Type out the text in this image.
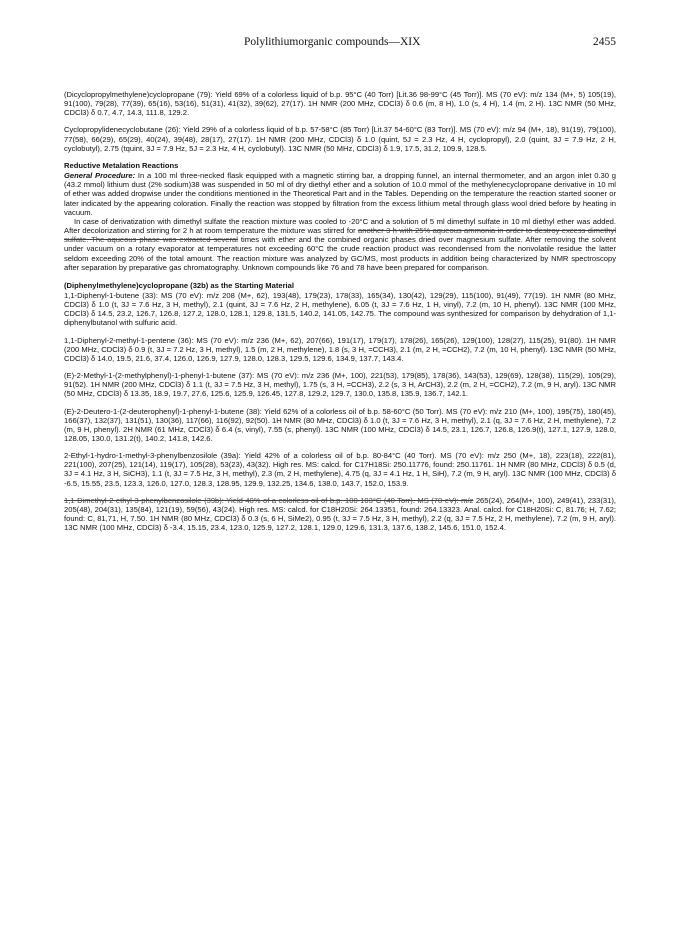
Polylithiumorganic compounds—XIX	2455

(Dicyclopropylmethylene)cyclopropane (79): Yield 69% of a colorless liquid of b.p. 95°C (40 Torr) [Lit.36 98-99°C (45 Torr)]. MS (70 eV): m/z 134 (M+, 5) 105(19), 91(100), 79(28), 77(39), 65(16), 53(16), 51(31), 41(32), 39(62), 27(17). 1H NMR (200 MHz, CDCl3) δ 0.6 (m, 8 H), 1.0 (s, 4 H), 1.4 (m, 2 H). 13C NMR (50 MHz, CDCl3) δ 0.7, 4.7, 14.3, 111.8, 129.2.

Cyclopropylidenecyclobutane (26): Yield 29% of a colorless liquid of b.p. 57-58°C (85 Torr) [Lit.37 54-60°C (83 Torr)]. MS (70 eV): m/z 94 (M+, 18), 91(19), 79(100), 77(58), 66(29), 65(29), 40(24), 39(48), 28(17), 27(17). 1H NMR (200 MHz, CDCl3) δ 1.0 (quint, 5J = 2.3 Hz, 4 H, cyclopropyl), 2.0 (quint, 3J = 7.9 Hz, 2 H, cyclobutyl), 2.75 (tquint, 3J = 7.9 Hz, 5J = 2.3 Hz, 4 H, cyclobutyl). 13C NMR (50 MHz, CDCl3) δ 1.9, 17.5, 31.2, 109.9, 128.5.

Reductive Metalation Reactions

General Procedure: In a 100 ml three-necked flask equipped with a magnetic stirring bar, a dropping funnel, an internal thermometer, and an argon inlet 0.30 g (43.2 mmol) lithium dust (2% sodium)38 was suspended in 50 ml of dry diethyl ether and a solution of 10.0 mmol of the methylenecyclopropane derivative in 10 ml of ether was added dropwise under the conditions mentioned in the Theoretical Part and in the Tables. Depending on the temperature the reaction started sooner or later indicated by the appearing coloration. Finally the reaction was stopped by filtration from the excess lithium metal through glass wool dried before by heating in vacuum.

In case of derivatization with dimethyl sulfate the reaction mixture was cooled to -20°C and a solution of 5 ml dimethyl sulfate in 10 ml diethyl ether was added. After decolorization and stirring for 2 h at room temperature the mixture was stirred for another 3 h with 25% aqueous ammonia in order to destroy excess dimethyl sulfate. The aqueous phase was extracted several times with ether and the combined organic phases dried over magnesium sulfate. After removing the solvent under vacuum on a rotary evaporator at temperatures not exceeding 60°C the crude reaction product was recondensed from the nonvolatile residue the latter seldom exceeding 20% of the total amount. The reaction mixture was analyzed by GC/MS, most products in addition being characterized by NMR spectroscopy after separation by preparative gas chromatography. Unknown compounds like 76 and 78 have been prepared for comparison.

(Diphenylmethylene)cyclopropane (32b) as the Starting Material

1,1-Diphenyl-1-butene (33): MS (70 eV): m/z 208 (M+, 62), 193(48), 179(23), 178(33), 165(34), 130(42), 129(29), 115(100), 91(49), 77(19). 1H NMR (80 MHz, CDCl3) δ 1.0 (t, 3J = 7.6 Hz, 3 H, methyl), 2.1 (quint, 3J = 7.6 Hz, 2 H, methylene), 6.05 (t, 3J = 7.6 Hz, 1 H, vinyl), 7.2 (m, 10 H, phenyl). 13C NMR (100 MHz, CDCl3) δ 14.5, 23.2, 126.7, 126.8, 127.2, 128.0, 128.1, 129.8, 131.5, 140.2, 141.05, 142.75. The compound was synthesized for comparison by dehydration of 1,1-diphenylbutanol with sulfuric acid.

1,1-Diphenyl-2-methyl-1-pentene (36): MS (70 eV): m/z 236 (M+, 62), 207(66), 191(17), 179(17), 178(26), 165(26), 129(100), 128(27), 115(25), 91(80). 1H NMR (200 MHz, CDCl3) δ 0.9 (t, 3J = 7.2 Hz, 3 H, methyl), 1.5 (m, 2 H, methylene), 1.8 (s, 3 H, =CCH3), 2.1 (m, 2 H, =CCH2), 7.2 (m, 10 H, phenyl). 13C NMR (50 MHz, CDCl3) δ 14.0, 19.5, 21.6, 37.4, 126.0, 126.9, 127.9, 128.0, 128.3, 129.5, 129.6, 134.9, 137.7, 143.4.

(E)-2-Methyl-1-(2-methylphenyl)-1-phenyl-1-butene (37): MS (70 eV): m/z 236 (M+, 100), 221(53), 179(85), 178(36), 143(53), 129(69), 128(38), 115(29), 105(29), 91(52). 1H NMR (200 MHz, CDCl3) δ 1.1 (t, 3J = 7.5 Hz, 3 H, methyl), 1.75 (s, 3 H, =CCH3), 2.2 (s, 3 H, ArCH3), 2.2 (m, 2 H, =CCH2), 7.2 (m, 9 H, aryl). 13C NMR (50 MHz, CDCl3) δ 13.35, 18.9, 19.7, 27.6, 125.6, 125.9, 126.45, 127.8, 129.2, 129.7, 130.0, 135.8, 135.9, 136.7, 142.1.

(E)-2-Deutero-1-(2-deuterophenyl)-1-phenyl-1-butene (38): Yield 62% of a colorless oil of b.p. 58-60°C (50 Torr). MS (70 eV): m/z 210 (M+, 100), 195(75), 180(45), 166(37), 132(37), 131(51), 130(36), 117(66), 116(92), 92(50). 1H NMR (80 MHz, CDCl3) δ 1.0 (t, 3J = 7.6 Hz, 3 H, methyl), 2.1 (q, 3J = 7.6 Hz, 2 H, methylene), 7.2 (m, 9 H, phenyl). 2H NMR (61 MHz, CDCl3) δ 6.4 (s, vinyl), 7.55 (s, phenyl). 13C NMR (100 MHz, CDCl3) δ 14.5, 23.1, 126.7, 126.8, 126.9(t), 127.1, 127.9, 128.0, 128.05, 130.0, 131.2(t), 140.2, 141.8, 142.6.

2-Ethyl-1-hydro-1-methyl-3-phenylbenzosilole (39a): Yield 42% of a colorless oil of b.p. 80-84°C (40 Torr). MS (70 eV): m/z 250 (M+, 18), 223(18), 222(81), 221(100), 207(25), 121(14), 119(17), 105(28), 53(23), 43(32). High res. MS: calcd. for C17H18Si: 250.11776, found: 250.11761. 1H NMR (80 MHz, CDCl3) δ 0.5 (d, 3J = 4.1 Hz, 3 H, SiCH3), 1.1 (t, 3J = 7.5 Hz, 3 H, methyl), 2.3 (m, 2 H, methylene), 4.75 (q, 3J = 4.1 Hz, 1 H, SiH), 7.2 (m, 9 H, aryl). 13C NMR (100 MHz, CDCl3) δ -6.5, 15.55, 23.5, 123.3, 126.0, 127.0, 128.3, 128.95, 129.9, 132.25, 134.6, 138.0, 143.7, 152.0, 153.9.

1,1-Dimethyl-2-ethyl-3-phenylbenzosilole (39b): Yield 40% of a colorless oil of b.p. 100-103°C (40 Torr). MS (70 eV): m/z 265(24), 264(M+, 100), 249(41), 233(31), 205(48), 204(31), 135(84), 121(19), 59(56), 43(24). High res. MS: calcd. for C18H20Si: 264.13351, found: 264.13323. Anal. calcd. for C18H20Si: C, 81.76; H, 7.62; found: C, 81,71, H, 7.50. 1H NMR (80 MHz, CDCl3) δ 0.3 (s, 6 H, SiMe2), 0.95 (t, 3J = 7.5 Hz, 3 H, methyl), 2.2 (q, 3J = 7.5 Hz, 2 H, methylene), 7.2 (m, 9 H, aryl). 13C NMR (100 MHz, CDCl3) δ -3.4, 15.15, 23.4, 123.0, 125.9, 127.2, 128.1, 129.0, 129.6, 131.3, 137.6, 138.2, 145.6, 151.0, 152.4.
